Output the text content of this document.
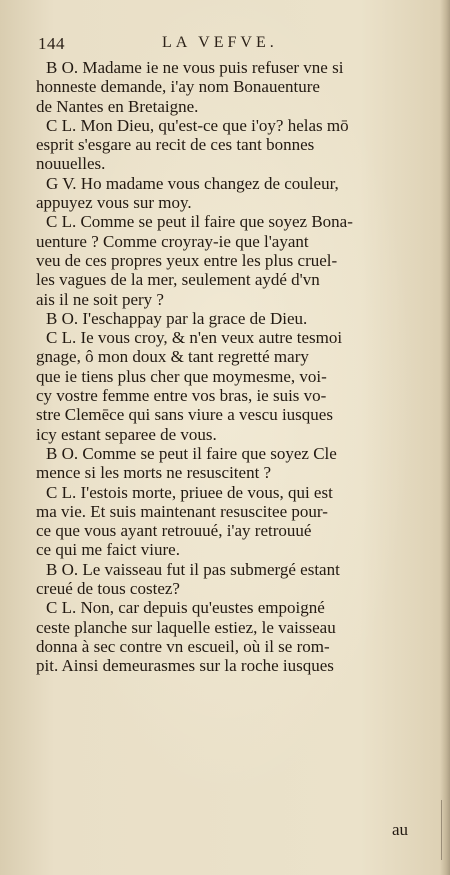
144	LA VEFVE.
B O. Madame ie ne vous puis refuser vne si
honneste demande, i'ay nom Bonauenture
de Nantes en Bretaigne.
C L. Mon Dieu, qu'est-ce que i'oy? helas mō
esprit s'esgare au recit de ces tant bonnes
nouuelles.
G V. Ho madame vous changez de couleur,
appuyez vous sur moy.
C L. Comme se peut il faire que soyez Bona-
uenture ? Comme croyray-ie que l'ayant
veu de ces propres yeux entre les plus cruel-
les vagues de la mer, seulement aydé d'vn
ais il ne soit pery ?
B O. I'eschappay par la grace de Dieu.
C L. Ie vous croy, & n'en veux autre tesmoi
gnage, ô mon doux & tant regretté mary
que ie tiens plus cher que moymesme, voi-
cy vostre femme entre vos bras, ie suis vo-
stre Clemēce qui sans viure a vescu iusques
icy estant separee de vous.
B O. Comme se peut il faire que soyez Cle
mence si les morts ne resuscitent ?
C L. I'estois morte, priuee de vous, qui est
ma vie. Et suis maintenant resuscitee pour-
ce que vous ayant retrouué, i'ay retrouué
ce qui me faict viure.
B O. Le vaisseau fut il pas submergé estant
creué de tous costez?
C L. Non, car depuis qu'eustes empoigné
ceste planche sur laquelle estiez, le vaisseau
donna à sec contre vn escueil, où il se rom-
pit. Ainsi demeurasmes sur la roche iusques
au
